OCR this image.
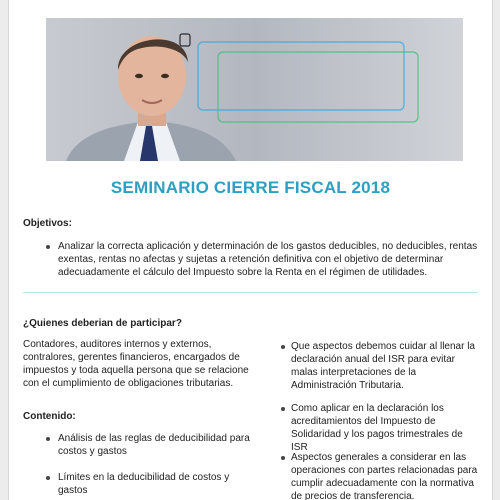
SEMINARIO CIERRE FISCAL 2018
Objetivos:
Analizar la correcta aplicación y determinación de los gastos deducibles, no deducibles, rentas exentas, rentas no afectas y sujetas a retención definitiva con el objetivo de determinar adecuadamente el cálculo del Impuesto sobre la Renta en el régimen de utilidades.
¿Quienes deberian de participar?
Contadores, auditores internos y externos, contralores, gerentes financieros, encargados de impuestos y toda aquella persona que se relacione con el cumplimiento de obligaciones tributarias.
Contenido:
Análisis de las reglas de deducibilidad para costos y gastos
Límites en la deducibilidad de costos y gastos
Que aspectos debemos cuidar al llenar la declaración anual del ISR para evitar malas interpretaciones de la Administración Tributaria.
Como aplicar en la declaración los acreditamientos del Impuesto de Solidaridad y los pagos trimestrales de ISR
Aspectos generales a considerar en las operaciones con partes relacionadas para cumplir adecuadamente con la normativa de precios de transferencia.
